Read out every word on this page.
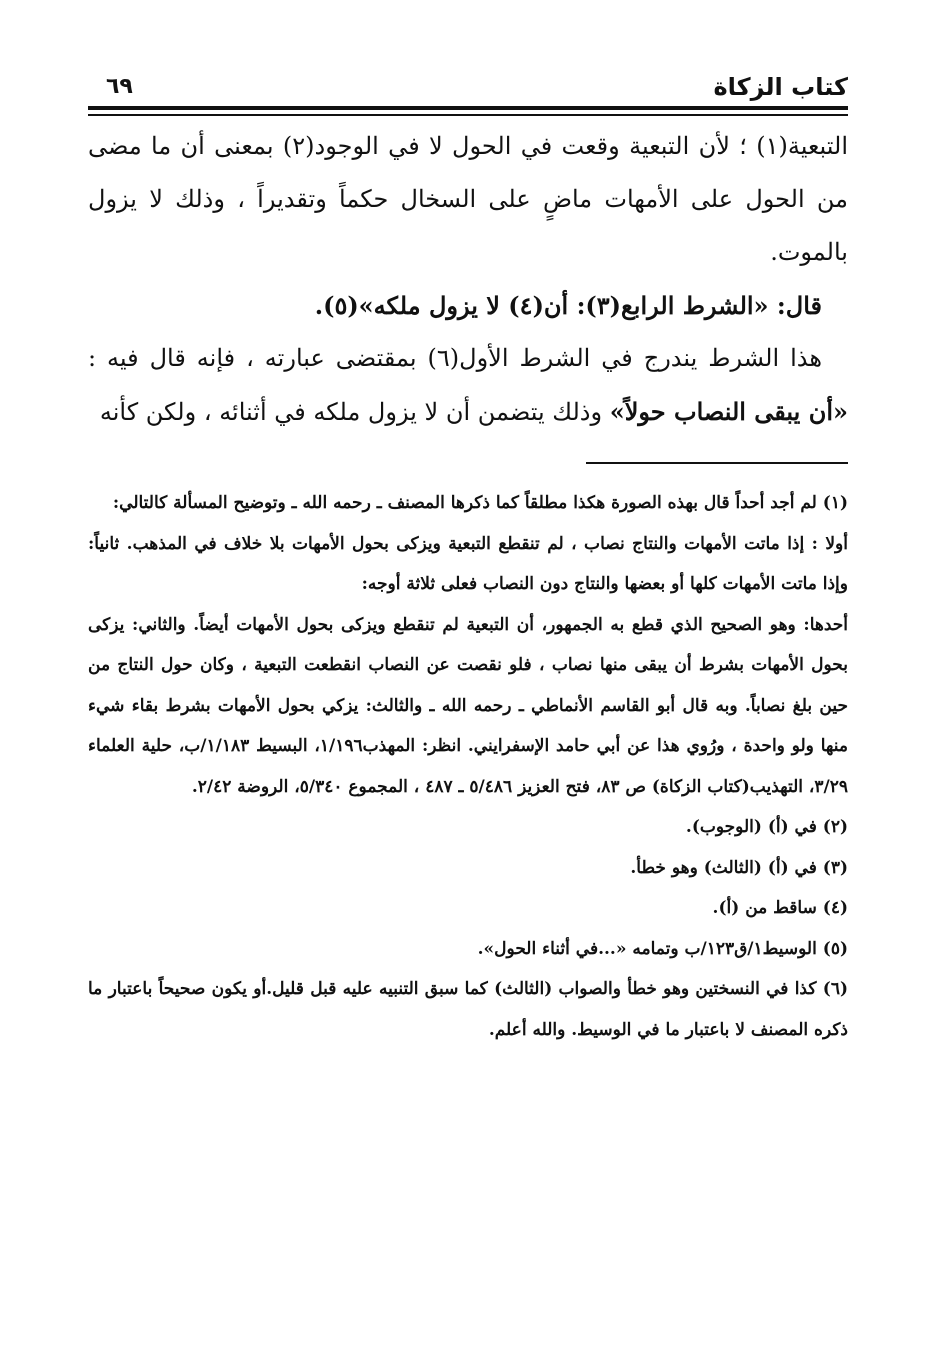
كتاب الزكاة
٦٩

التبعية(١) ؛ لأن التبعية وقعت في الحول لا في الوجود(٢) بمعنى أن ما مضى من الحول على الأمهات ماضٍ على السخال حكماً وتقديراً ، وذلك لا يزول بالموت.

قال: «الشرط الرابع(٣): أن(٤) لا يزول ملكه»(٥).

هذا الشرط يندرج في الشرط الأول(٦) بمقتضى عبارته ، فإنه قال فيه : «أن يبقى النصاب حولاً» وذلك يتضمن أن لا يزول ملكه في أثنائه ، ولكن كأنه

(١) لم أجد أحداً قال بهذه الصورة هكذا مطلقاً كما ذكرها المصنف ـ رحمه الله ـ وتوضيح المسألة كالتالي:

أولا : إذا ماتت الأمهات والنتاج نصاب ، لم تنقطع التبعية ويزكى بحول الأمهات بلا خلاف في المذهب. ثانياً: وإذا ماتت الأمهات كلها أو بعضها والنتاج دون النصاب فعلى ثلاثة أوجه:

أحدها: وهو الصحيح الذي قطع به الجمهور، أن التبعية لم تنقطع ويزكى بحول الأمهات أيضاً. والثاني: يزكى بحول الأمهات بشرط أن يبقى منها نصاب ، فلو نقصت عن النصاب انقطعت التبعية ، وكان حول النتاج من حين بلغ نصاباً. وبه قال أبو القاسم الأنماطي ـ رحمه الله ـ والثالث: يزكي بحول الأمهات بشرط بقاء شيء منها ولو واحدة ، ورُوي هذا عن أبي حامد الإسفرايني. انظر: المهذب١/١٩٦، البسيط ١/١٨٣/ب، حلية العلماء ٣/٢٩، التهذيب(كتاب الزكاة) ص ٨٣، فتح العزيز ٥/٤٨٦ ـ ٤٨٧ ، المجموع ٥/٣٤٠، الروضة ٢/٤٢.

(٢) في (أ) (الوجوب).

(٣) في (أ) (الثالث) وهو خطأ.

(٤) ساقط من (أ).

(٥) الوسيط١/ق١٢٣/ب وتمامه «...في أثناء الحول».

(٦) كذا في النسختين وهو خطأ والصواب (الثالث) كما سبق التنبيه عليه قبل قليل.أو يكون صحيحاً باعتبار ما ذكره المصنف لا باعتبار ما في الوسيط. والله أعلم.
